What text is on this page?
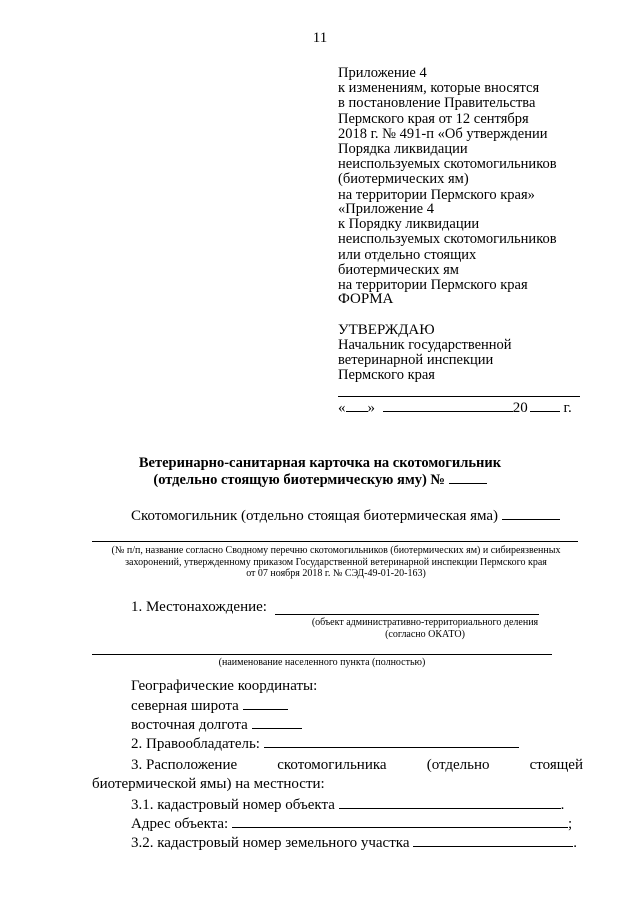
11
Приложение 4
к изменениям, которые вносятся
в постановление Правительства
Пермского края от 12 сентября
2018 г. № 491-п «Об утверждении
Порядка ликвидации
неиспользуемых скотомогильников
(биотермических ям)
на территории Пермского края»
«Приложение 4
к Порядку ликвидации
неиспользуемых скотомогильников
или отдельно стоящих
биотермических ям
на территории Пермского края
ФОРМА
УТВЕРЖДАЮ
Начальник государственной
ветеринарной инспекции
Пермского края
« »	20 г.
Ветеринарно-санитарная карточка на скотомогильник
(отдельно стоящую биотермическую яму) №
Скотомогильник (отдельно стоящая биотермическая яма)
(№ п/п, название согласно Сводному перечню скотомогильников (биотермических ям) и сибиреязвенных
захоронений, утвержденному приказом Государственной ветеринарной инспекции Пермского края
от 07 ноября 2018 г. № СЭД-49-01-20-163)
1. Местонахождение:
(объект административно-территориального деления
(согласно ОКАТО)
(наименование населенного пункта (полностью)
Географические координаты:
северная широта
восточная долгота
2. Правообладатель:
3. Расположение	скотомогильника	(отдельно	стоящей
биотермической ямы) на местности:
3.1. кадастровый номер объекта	.
Адрес объекта:	;
3.2. кадастровый номер земельного участка	.
